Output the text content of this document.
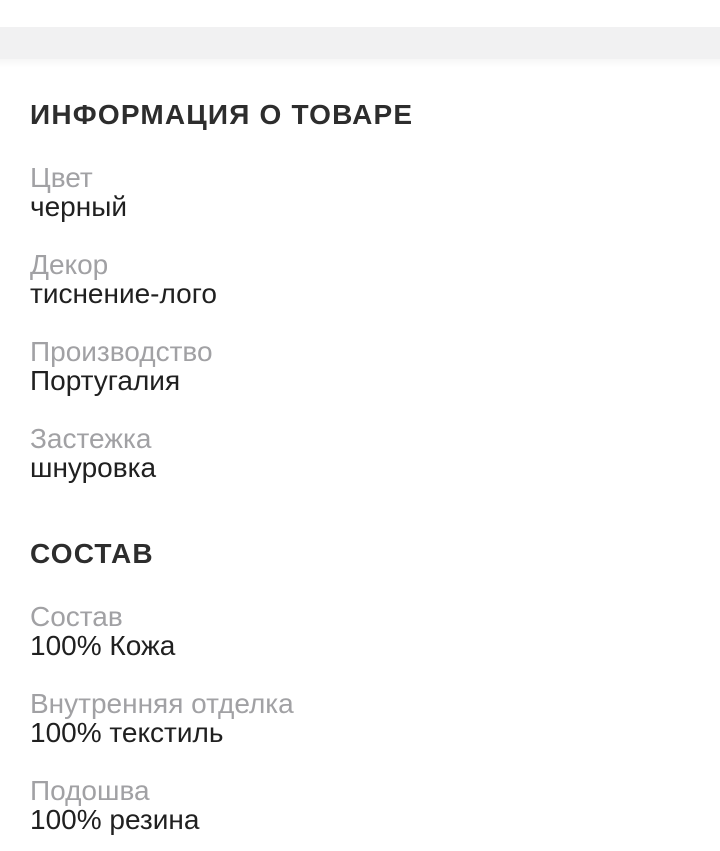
ИНФОРМАЦИЯ О ТОВАРЕ
Цвет
черный
Декор
тиснение-лого
Производство
Португалия
Застежка
шнуровка
СОСТАВ
Состав
100% Кожа
Внутренняя отделка
100% текстиль
Подошва
100% резина
